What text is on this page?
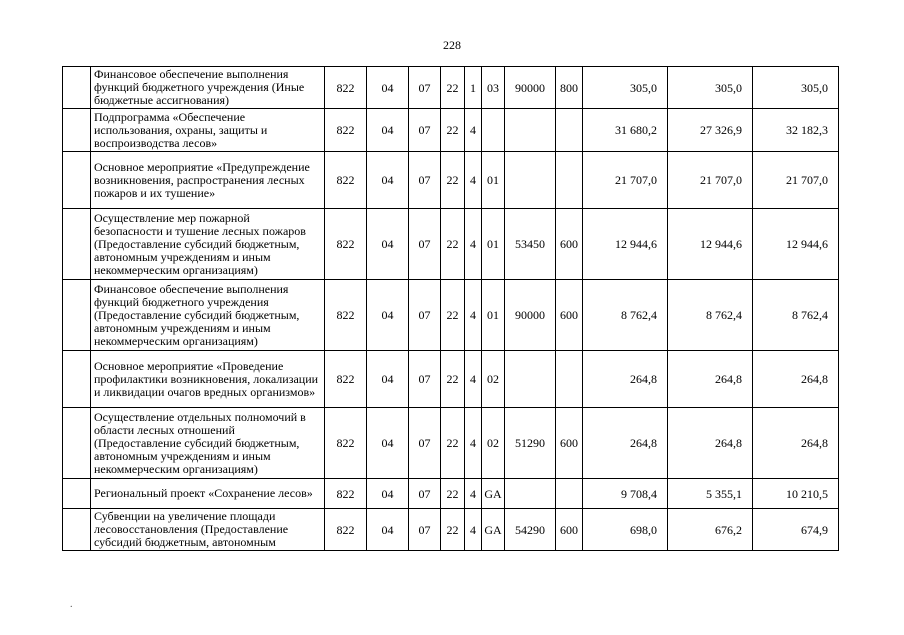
228
	Финансовое обеспечение выполнения функций бюджетного учреждения (Иные бюджетные ассигнования)	822	04	07	22	1	03	90000	800	305,0	305,0	305,0
	Подпрограмма «Обеспечение использования, охраны, защиты и воспроизводства лесов»	822	04	07	22	4				31 680,2	27 326,9	32 182,3
	Основное мероприятие «Предупреждение возникновения, распространения лесных пожаров и их тушение»	822	04	07	22	4	01			21 707,0	21 707,0	21 707,0
	Осуществление мер пожарной безопасности и тушение лесных пожаров (Предоставление субсидий бюджетным, автономным учреждениям и иным некоммерческим организациям)	822	04	07	22	4	01	53450	600	12 944,6	12 944,6	12 944,6
	Финансовое обеспечение выполнения функций бюджетного учреждения (Предоставление субсидий бюджетным, автономным учреждениям и иным некоммерческим организациям)	822	04	07	22	4	01	90000	600	8 762,4	8 762,4	8 762,4
	Основное мероприятие «Проведение профилактики возникновения, локализации и ликвидации очагов вредных организмов»	822	04	07	22	4	02			264,8	264,8	264,8
	Осуществление отдельных полномочий в области лесных отношений (Предоставление субсидий бюджетным, автономным учреждениям и иным некоммерческим организациям)	822	04	07	22	4	02	51290	600	264,8	264,8	264,8
	Региональный проект «Сохранение лесов»	822	04	07	22	4	GA			9 708,4	5 355,1	10 210,5
	Субвенции на увеличение площади лесовосстановления (Предоставление субсидий бюджетным, автономным	822	04	07	22	4	GA	54290	600	698,0	676,2	674,9
.
